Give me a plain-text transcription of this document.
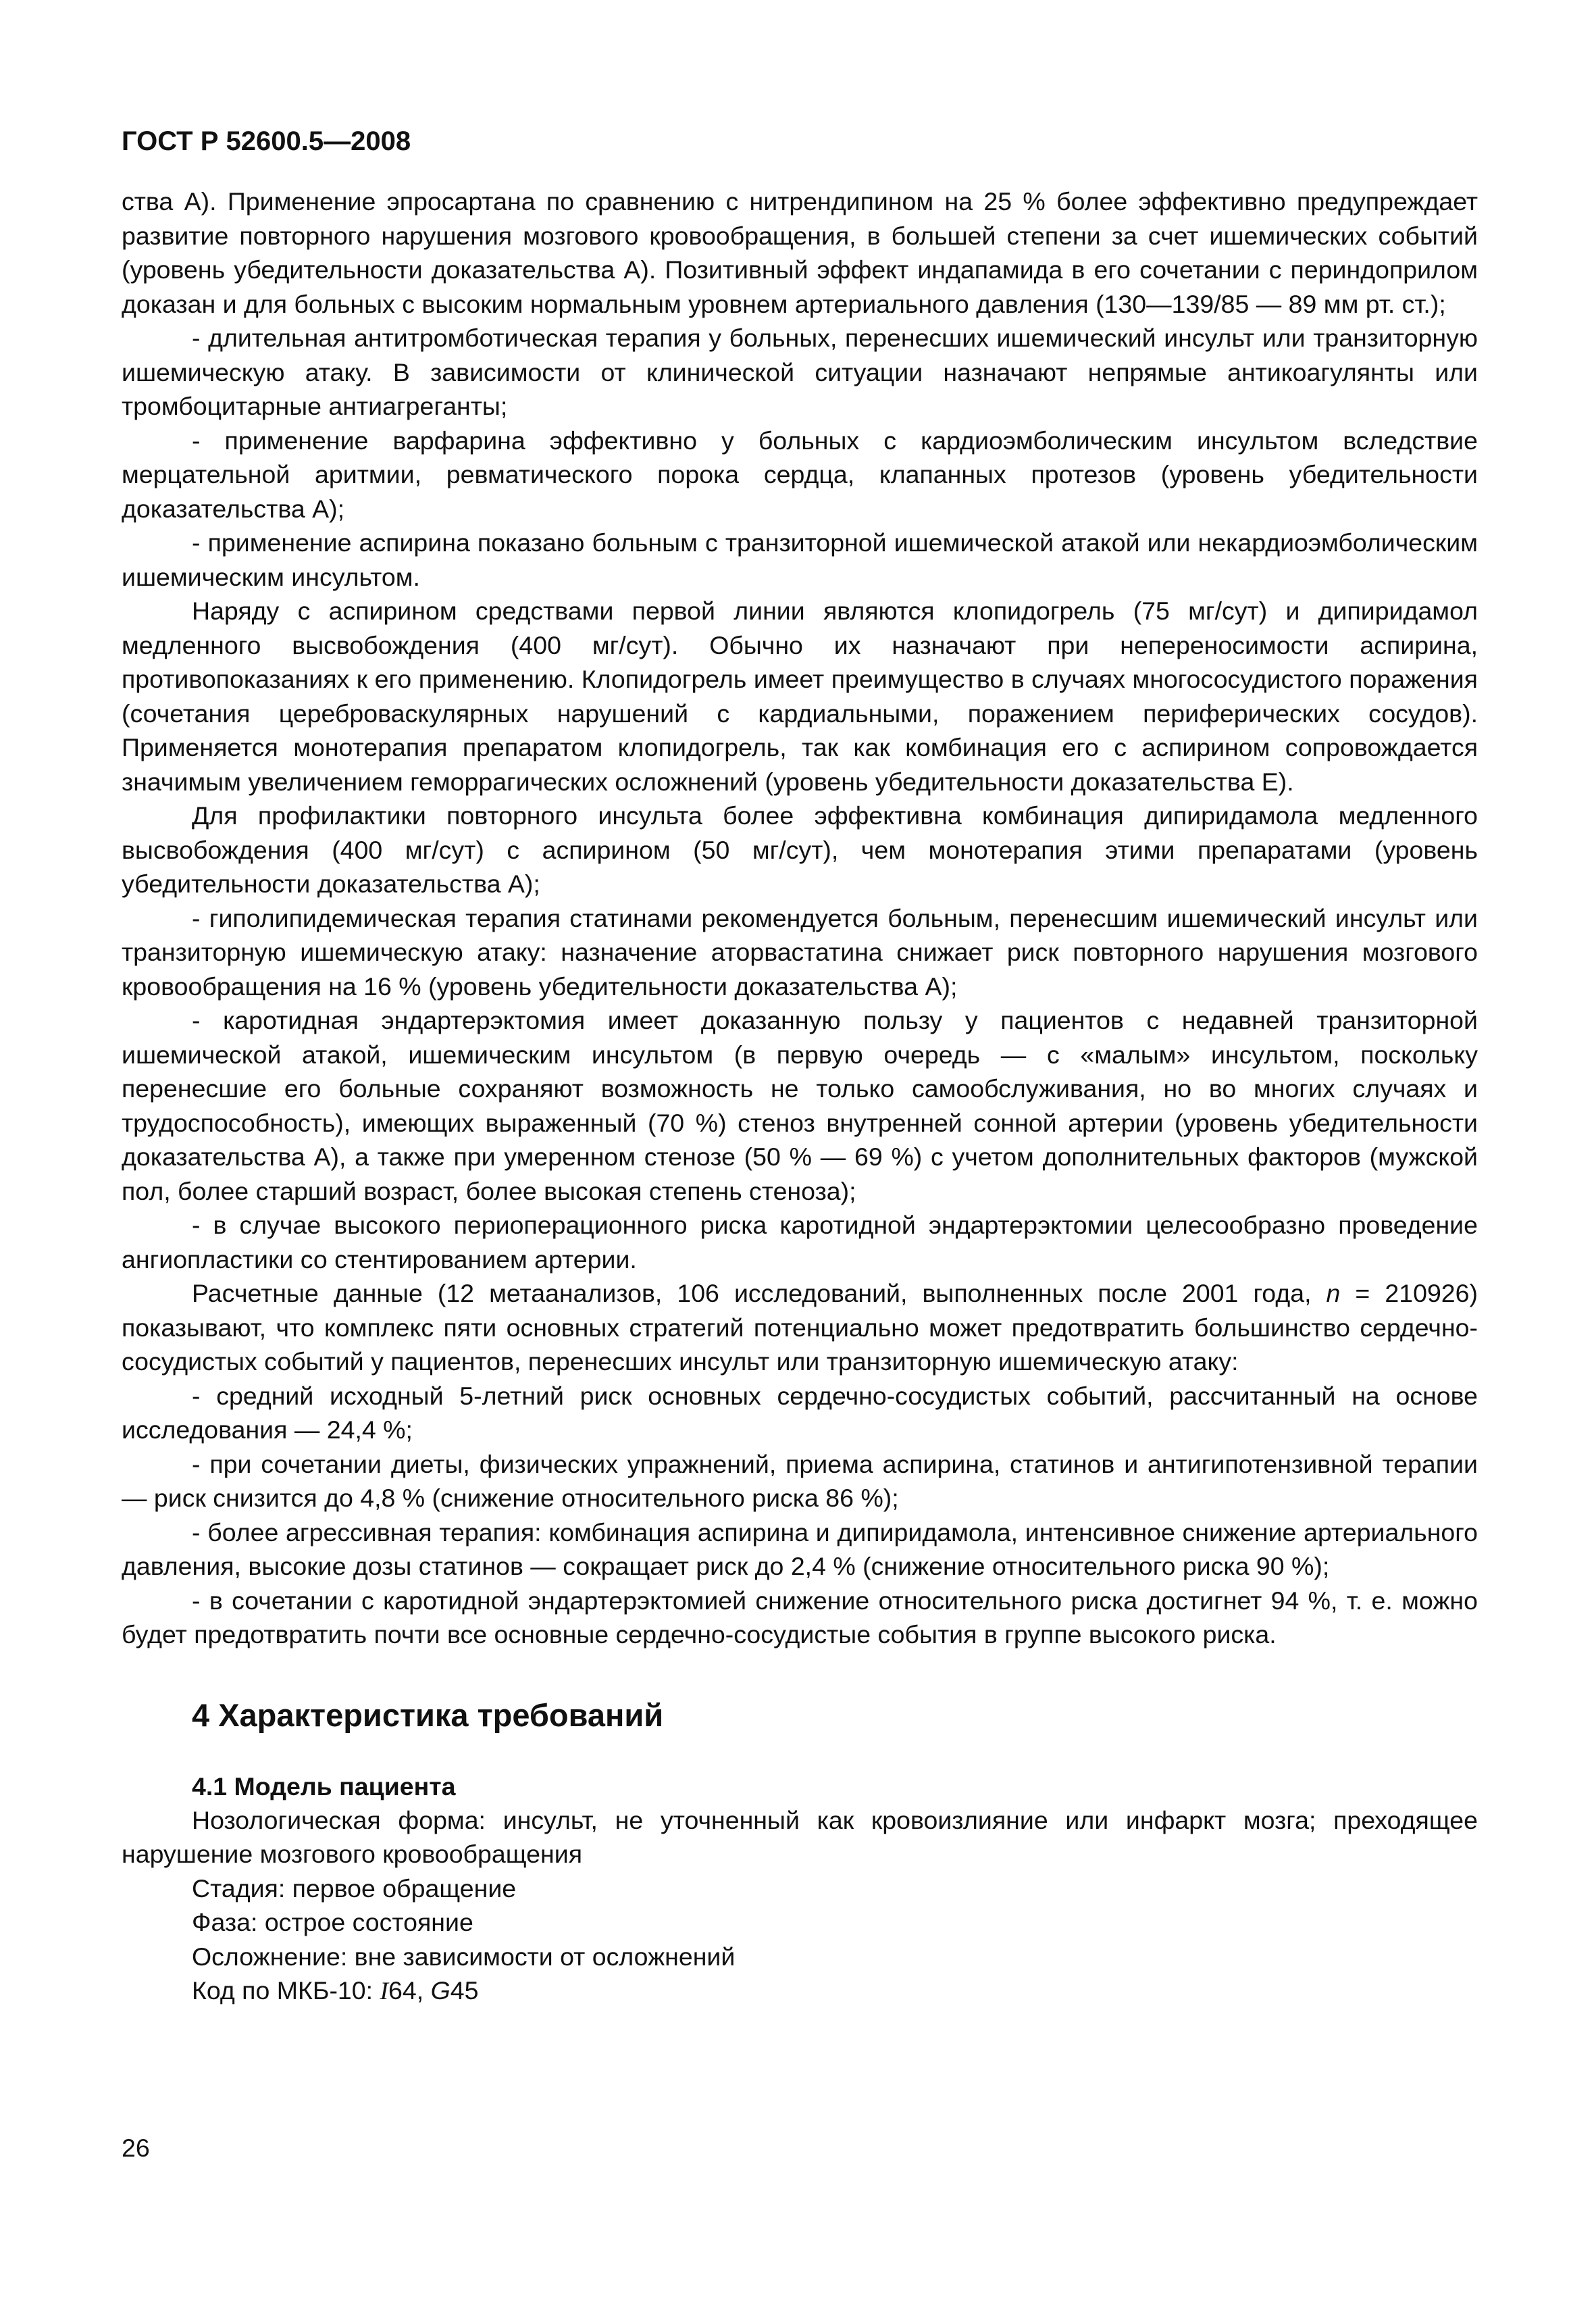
ГОСТ Р 52600.5—2008

ства А). Применение эпросартана по сравнению с нитрендипином на 25 % более эффективно предупреждает развитие повторного нарушения мозгового кровообращения, в большей степени за счет ишемических событий (уровень убедительности доказательства А). Позитивный эффект индапамида в его сочетании с периндоприлом доказан и для больных с высоким нормальным уровнем артериального давления (130—139/85 — 89 мм рт. ст.);

- длительная антитромботическая терапия у больных, перенесших ишемический инсульт или транзиторную ишемическую атаку. В зависимости от клинической ситуации назначают непрямые антикоагулянты или тромбоцитарные антиагреганты;

- применение варфарина эффективно у больных с кардиоэмболическим инсультом вследствие мерцательной аритмии, ревматического порока сердца, клапанных протезов (уровень убедительности доказательства А);

- применение аспирина показано больным с транзиторной ишемической атакой или некардиоэмболическим ишемическим инсультом.

Наряду с аспирином средствами первой линии являются клопидогрель (75 мг/сут) и дипиридамол медленного высвобождения (400 мг/сут). Обычно их назначают при непереносимости аспирина, противопоказаниях к его применению. Клопидогрель имеет преимущество в случаях многососудистого поражения (сочетания цереброваскулярных нарушений с кардиальными, поражением периферических сосудов). Применяется монотерапия препаратом клопидогрель, так как комбинация его с аспирином сопровождается значимым увеличением геморрагических осложнений (уровень убедительности доказательства Е).

Для профилактики повторного инсульта более эффективна комбинация дипиридамола медленного высвобождения (400 мг/сут) с аспирином (50 мг/сут), чем монотерапия этими препаратами (уровень убедительности доказательства А);

- гиполипидемическая терапия статинами рекомендуется больным, перенесшим ишемический инсульт или транзиторную ишемическую атаку: назначение аторвастатина снижает риск повторного нарушения мозгового кровообращения на 16 % (уровень убедительности доказательства А);

- каротидная эндартерэктомия имеет доказанную пользу у пациентов с недавней транзиторной ишемической атакой, ишемическим инсультом (в первую очередь — с «малым» инсультом, поскольку перенесшие его больные сохраняют возможность не только самообслуживания, но во многих случаях и трудоспособность), имеющих выраженный (70 %) стеноз внутренней сонной артерии (уровень убедительности доказательства А), а также при умеренном стенозе (50 % — 69 %) с учетом дополнительных факторов (мужской пол, более старший возраст, более высокая степень стеноза);

- в случае высокого периоперационного риска каротидной эндартерэктомии целесообразно проведение ангиопластики со стентированием артерии.

Расчетные данные (12 метаанализов, 106 исследований, выполненных после 2001 года, n = 210926) показывают, что комплекс пяти основных стратегий потенциально может предотвратить большинство сердечно-сосудистых событий у пациентов, перенесших инсульт или транзиторную ишемическую атаку:

- средний исходный 5-летний риск основных сердечно-сосудистых событий, рассчитанный на основе исследования — 24,4 %;

- при сочетании диеты, физических упражнений, приема аспирина, статинов и антигипотензивной терапии — риск снизится до 4,8 % (снижение относительного риска 86 %);

- более агрессивная терапия: комбинация аспирина и дипиридамола, интенсивное снижение артериального давления, высокие дозы статинов — сокращает риск до 2,4 % (снижение относительного риска 90 %);

- в сочетании с каротидной эндартерэктомией снижение относительного риска достигнет 94 %, т. е. можно будет предотвратить почти все основные сердечно-сосудистые события в группе высокого риска.

4 Характеристика требований
4.1 Модель пациента

Нозологическая форма: инсульт, не уточненный как кровоизлияние или инфаркт мозга; преходящее нарушение мозгового кровообращения

Стадия: первое обращение

Фаза: острое состояние

Осложнение: вне зависимости от осложнений

Код по МКБ-10: I64, G45

26
